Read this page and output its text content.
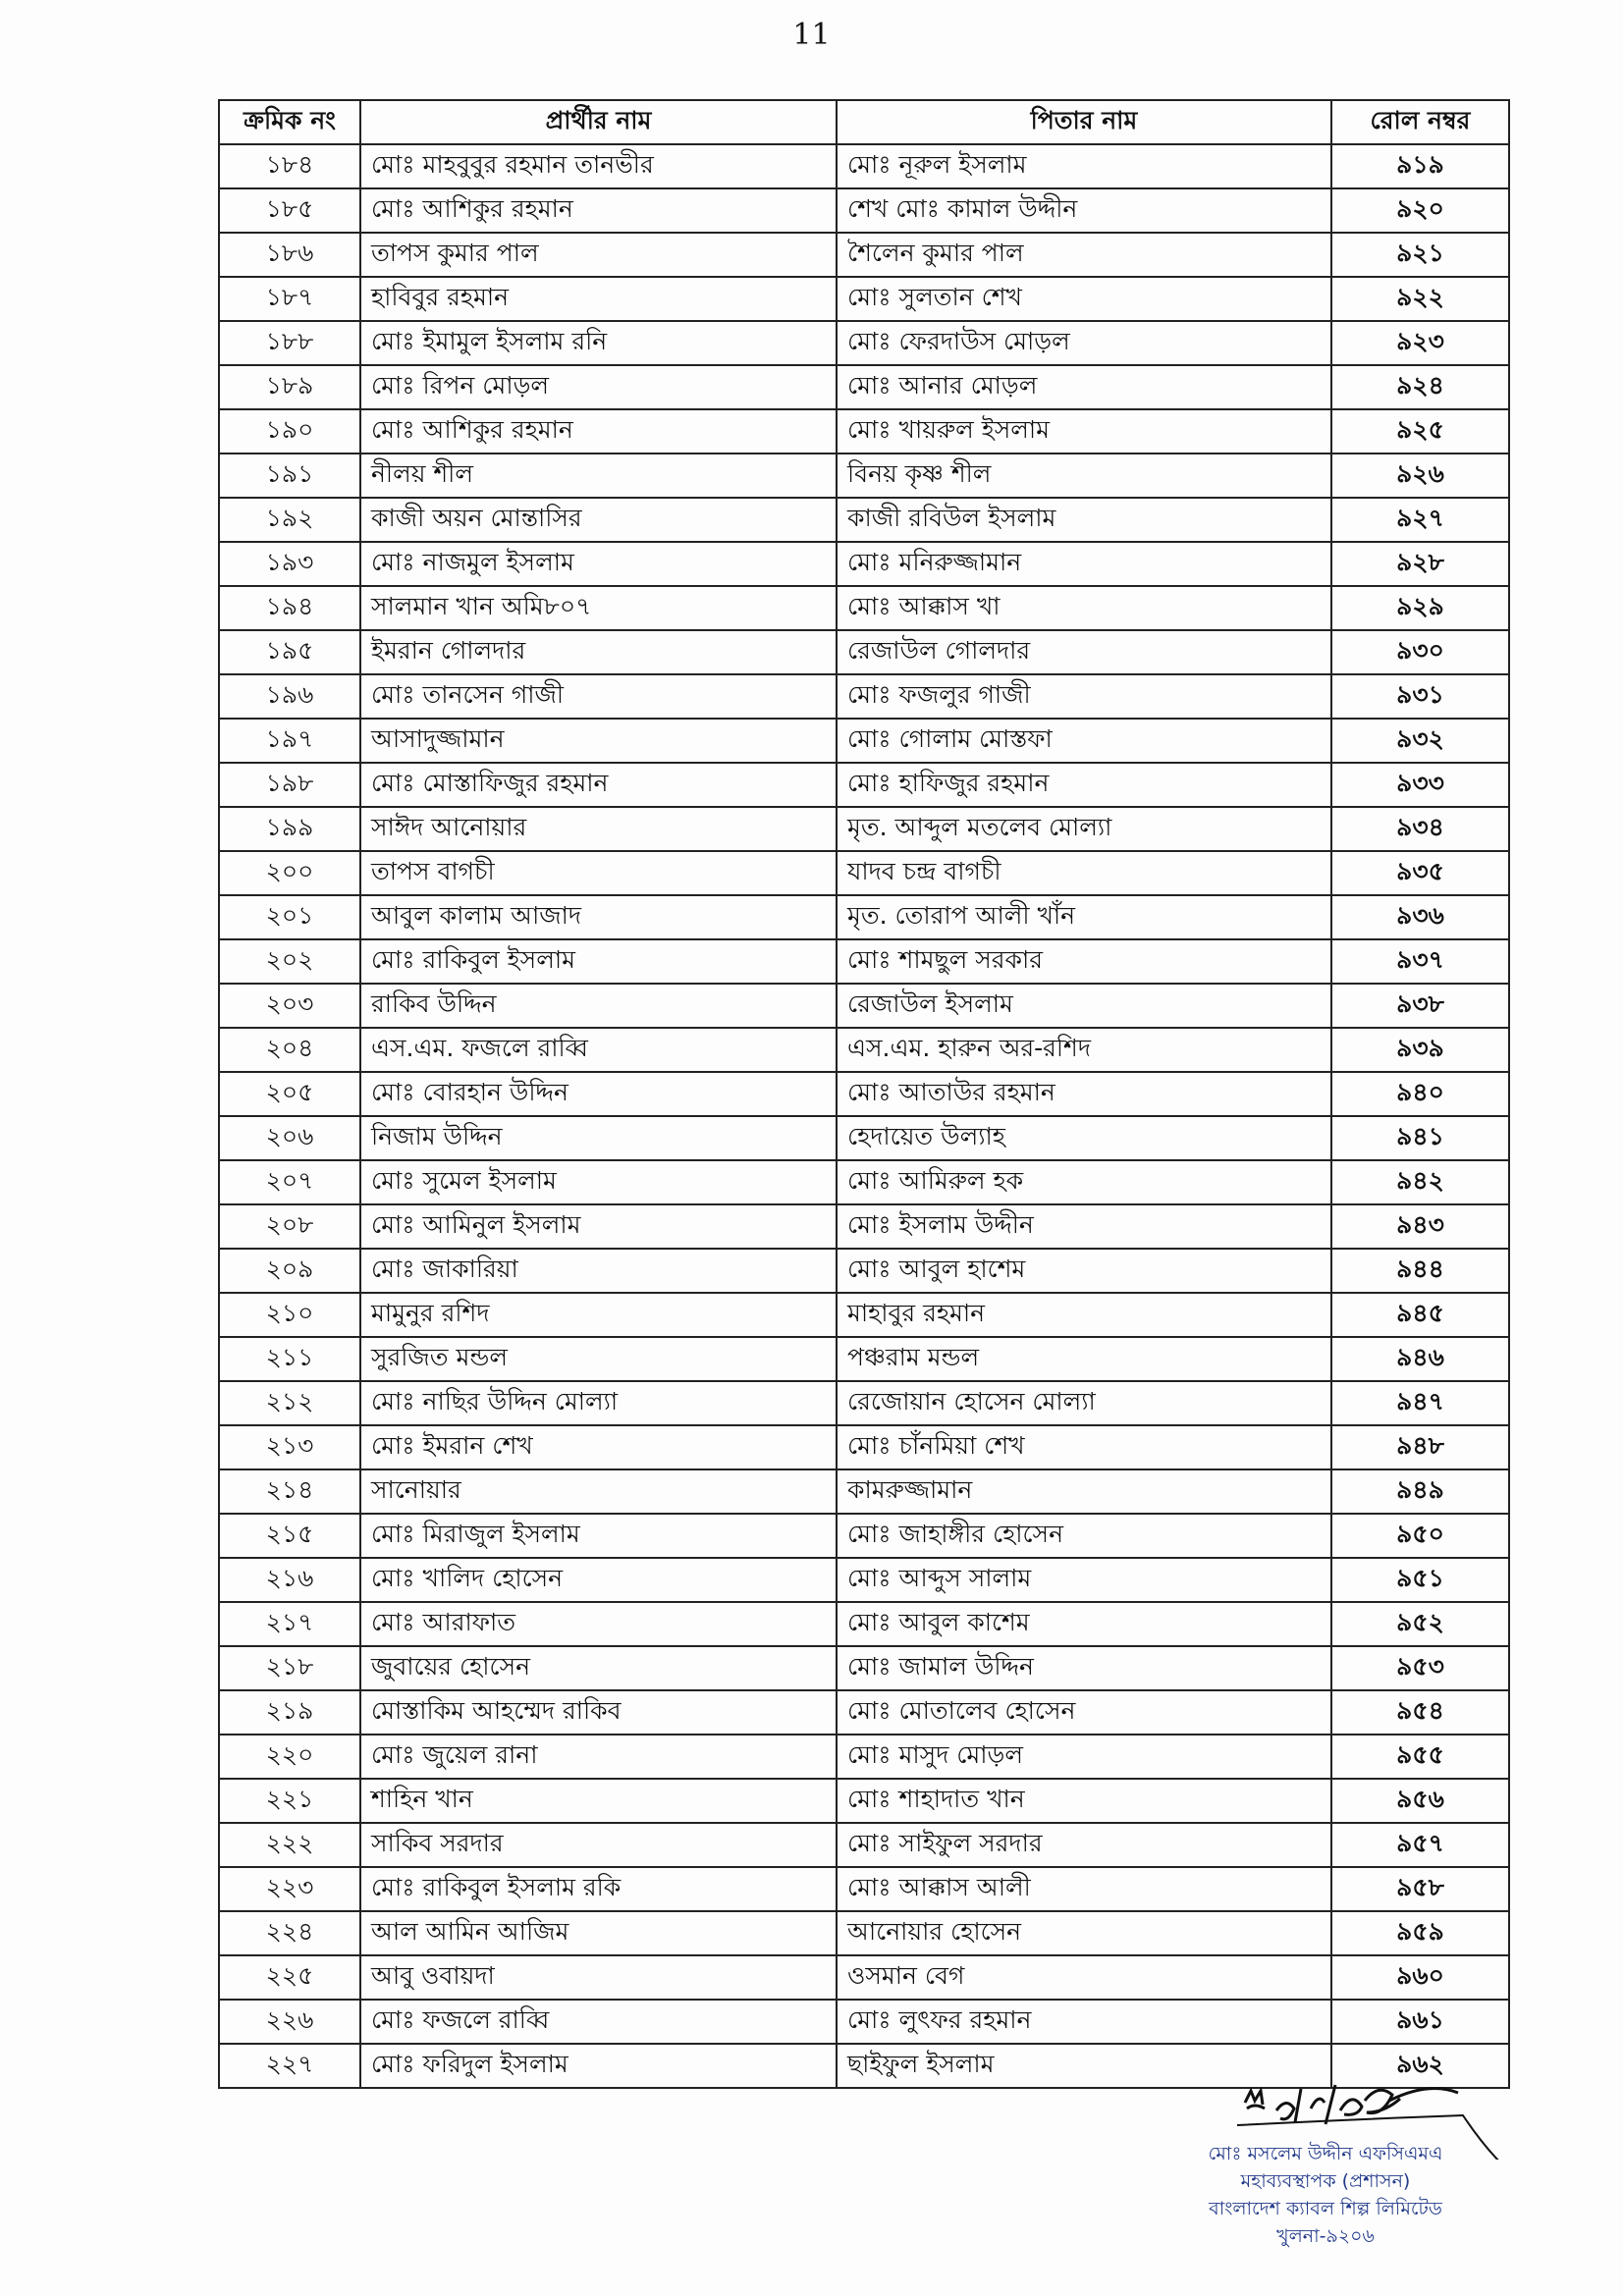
11
ক্রমিক নং	প্রার্থীর নাম	পিতার নাম	রোল নম্বর
১৮৪	মোঃ মাহবুবুর রহমান তানভীর	মোঃ নূরুল ইসলাম	৯১৯
১৮৫	মোঃ আশিকুর রহমান	শেখ মোঃ কামাল উদ্দীন	৯২০
১৮৬	তাপস কুমার পাল	শৈলেন কুমার পাল	৯২১
১৮৭	হাবিবুর রহমান	মোঃ সুলতান শেখ	৯২২
১৮৮	মোঃ ইমামুল ইসলাম রনি	মোঃ ফেরদাউস মোড়ল	৯২৩
১৮৯	মোঃ রিপন মোড়ল	মোঃ আনার মোড়ল	৯২৪
১৯০	মোঃ আশিকুর রহমান	মোঃ খায়রুল ইসলাম	৯২৫
১৯১	নীলয় শীল	বিনয় কৃষ্ণ শীল	৯২৬
১৯২	কাজী অয়ন মোন্তাসির	কাজী রবিউল ইসলাম	৯২৭
১৯৩	মোঃ নাজমুল ইসলাম	মোঃ মনিরুজ্জামান	৯২৮
১৯৪	সালমান খান অমি৮০৭	মোঃ আক্কাস খা	৯২৯
১৯৫	ইমরান গোলদার	রেজাউল গোলদার	৯৩০
১৯৬	মোঃ তানসেন গাজী	মোঃ ফজলুর গাজী	৯৩১
১৯৭	আসাদুজ্জামান	মোঃ গোলাম মোস্তফা	৯৩২
১৯৮	মোঃ মোস্তাফিজুর রহমান	মোঃ হাফিজুর রহমান	৯৩৩
১৯৯	সাঈদ আনোয়ার	মৃত. আব্দুল মতলেব মোল্যা	৯৩৪
২০০	তাপস বাগচী	যাদব চন্দ্র বাগচী	৯৩৫
২০১	আবুল কালাম আজাদ	মৃত. তোরাপ আলী খাঁন	৯৩৬
২০২	মোঃ রাকিবুল ইসলাম	মোঃ শামছুল সরকার	৯৩৭
২০৩	রাকিব উদ্দিন	রেজাউল ইসলাম	৯৩৮
২০৪	এস.এম. ফজলে রাব্বি	এস.এম. হারুন অর-রশিদ	৯৩৯
২০৫	মোঃ বোরহান উদ্দিন	মোঃ আতাউর রহমান	৯৪০
২০৬	নিজাম উদ্দিন	হেদায়েত উল্যাহ	৯৪১
২০৭	মোঃ সুমেল ইসলাম	মোঃ আমিরুল হক	৯৪২
২০৮	মোঃ আমিনুল ইসলাম	মোঃ ইসলাম উদ্দীন	৯৪৩
২০৯	মোঃ জাকারিয়া	মোঃ আবুল হাশেম	৯৪৪
২১০	মামুনুর রশিদ	মাহাবুর রহমান	৯৪৫
২১১	সুরজিত মন্ডল	পঞ্চরাম মন্ডল	৯৪৬
২১২	মোঃ নাছির উদ্দিন মোল্যা	রেজোয়ান হোসেন মোল্যা	৯৪৭
২১৩	মোঃ ইমরান শেখ	মোঃ চাঁনমিয়া শেখ	৯৪৮
২১৪	সানোয়ার	কামরুজ্জামান	৯৪৯
২১৫	মোঃ মিরাজুল ইসলাম	মোঃ জাহাঙ্গীর হোসেন	৯৫০
২১৬	মোঃ খালিদ হোসেন	মোঃ আব্দুস সালাম	৯৫১
২১৭	মোঃ আরাফাত	মোঃ আবুল কাশেম	৯৫২
২১৮	জুবায়ের হোসেন	মোঃ জামাল উদ্দিন	৯৫৩
২১৯	মোস্তাকিম আহম্মেদ রাকিব	মোঃ মোতালেব হোসেন	৯৫৪
২২০	মোঃ জুয়েল রানা	মোঃ মাসুদ মোড়ল	৯৫৫
২২১	শাহিন খান	মোঃ শাহাদাত খান	৯৫৬
২২২	সাকিব সরদার	মোঃ সাইফুল সরদার	৯৫৭
২২৩	মোঃ রাকিবুল ইসলাম রকি	মোঃ আক্কাস আলী	৯৫৮
২২৪	আল আমিন আজিম	আনোয়ার হোসেন	৯৫৯
২২৫	আবু ওবায়দা	ওসমান বেগ	৯৬০
২২৬	মোঃ ফজলে রাব্বি	মোঃ লুৎফর রহমান	৯৬১
২২৭	মোঃ ফরিদুল ইসলাম	ছাইফুল ইসলাম	৯৬২
মোঃ মসলেম উদ্দীন এফসিএমএ
মহাব্যবস্থাপক (প্রশাসন)
বাংলাদেশ ক্যাবল শিল্প লিমিটেড
খুলনা-৯২০৬
